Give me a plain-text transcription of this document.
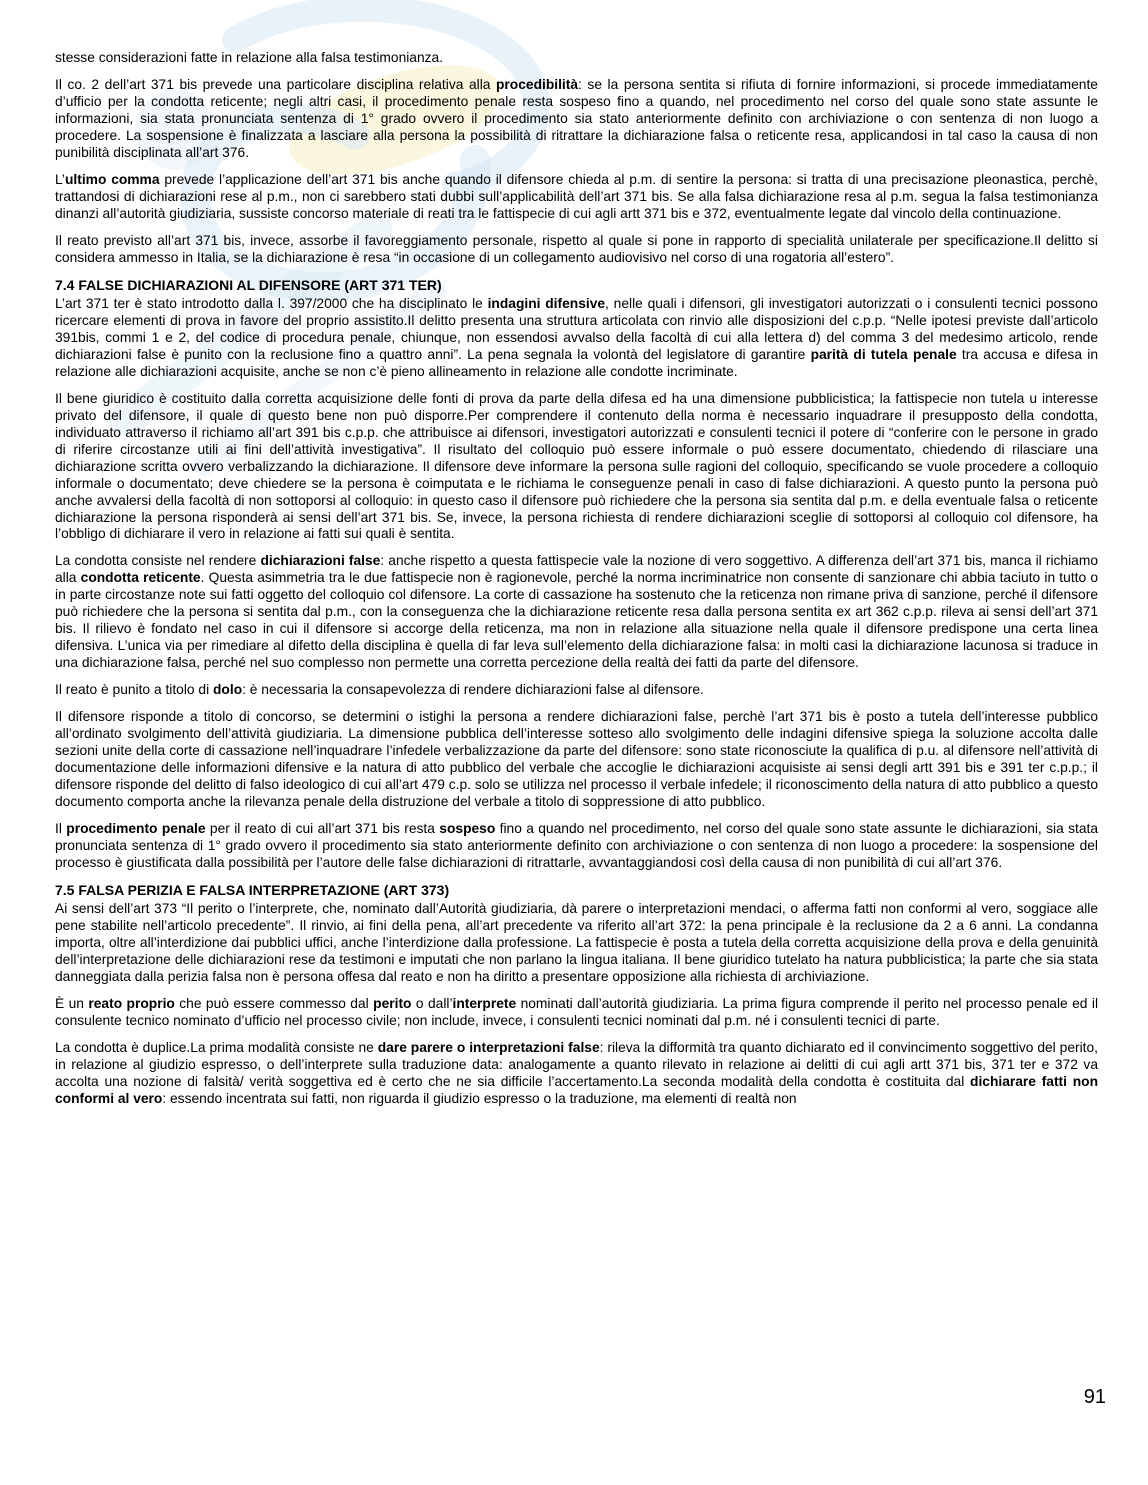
stesse considerazioni fatte in relazione alla falsa testimonianza.

Il co. 2 dell’art 371 bis prevede una particolare disciplina relativa alla procedibilità: se la persona sentita si rifiuta di fornire informazioni, si procede immediatamente d’ufficio per la condotta reticente; negli altri casi, il procedimento penale resta sospeso fino a quando, nel procedimento nel corso del quale sono state assunte le informazioni, sia stata pronunciata sentenza di 1° grado ovvero il procedimento sia stato anteriormente definito con archiviazione o con sentenza di non luogo a procedere. La sospensione è finalizzata a lasciare alla persona la possibilità di ritrattare la dichiarazione falsa o reticente resa, applicandosi in tal caso la causa di non punibilità disciplinata all’art 376.

L’ultimo comma prevede l’applicazione dell’art 371 bis anche quando il difensore chieda al p.m. di sentire la persona: si tratta di una precisazione pleonastica, perchè, trattandosi di dichiarazioni rese al p.m., non ci sarebbero stati dubbi sull’applicabilità dell’art 371 bis. Se alla falsa dichiarazione resa al p.m. segua la falsa testimonianza dinanzi all’autorità giudiziaria, sussiste concorso materiale di reati tra le fattispecie di cui agli artt 371 bis e 372, eventualmente legate dal vincolo della continuazione.

Il reato previsto all’art 371 bis, invece, assorbe il favoreggiamento personale, rispetto al quale si pone in rapporto di specialità unilaterale per specificazione.Il delitto si considera ammesso in Italia, se la dichiarazione è resa “in occasione di un collegamento audiovisivo nel corso di una rogatoria all’estero”.

7.4 FALSE DICHIARAZIONI AL DIFENSORE (ART 371 TER)

L’art 371 ter è stato introdotto dalla l. 397/2000 che ha disciplinato le indagini difensive, nelle quali i difensori, gli investigatori autorizzati o i consulenti tecnici possono ricercare elementi di prova in favore del proprio assistito.Il delitto presenta una struttura articolata con rinvio alle disposizioni del c.p.p. “Nelle ipotesi previste dall’articolo 391bis, commi 1 e 2, del codice di procedura penale, chiunque, non essendosi avvalso della facoltà di cui alla lettera d) del comma 3 del medesimo articolo, rende dichiarazioni false è punito con la reclusione fino a quattro anni”. La pena segnala la volontà del legislatore di garantire parità di tutela penale tra accusa e difesa in relazione alle dichiarazioni acquisite, anche se non c’è pieno allineamento in relazione alle condotte incriminate.

Il bene giuridico è costituito dalla corretta acquisizione delle fonti di prova da parte della difesa ed ha una dimensione pubblicistica; la fattispecie non tutela u interesse privato del difensore, il quale di questo bene non può disporre.Per comprendere il contenuto della norma è necessario inquadrare il presupposto della condotta, individuato attraverso il richiamo all’art 391 bis c.p.p. che attribuisce ai difensori, investigatori autorizzati e consulenti tecnici il potere di “conferire con le persone in grado di riferire circostanze utili ai fini dell’attività investigativa”. Il risultato del colloquio può essere informale o può essere documentato, chiedendo di rilasciare una dichiarazione scritta ovvero verbalizzando la dichiarazione. Il difensore deve informare la persona sulle ragioni del colloquio, specificando se vuole procedere a colloquio informale o documentato; deve chiedere se la persona è coimputata e le richiama le conseguenze penali in caso di false dichiarazioni. A questo punto la persona può anche avvalersi della facoltà di non sottoporsi al colloquio: in questo caso il difensore può richiedere che la persona sia sentita dal p.m. e della eventuale falsa o reticente dichiarazione la persona risponderà ai sensi dell’art 371 bis. Se, invece, la persona richiesta di rendere dichiarazioni sceglie di sottoporsi al colloquio col difensore, ha l’obbligo di dichiarare il vero in relazione ai fatti sui quali è sentita.

La condotta consiste nel rendere dichiarazioni false: anche rispetto a questa fattispecie vale la nozione di vero soggettivo. A differenza dell’art 371 bis, manca il richiamo alla condotta reticente. Questa asimmetria tra le due fattispecie non è ragionevole, perché la norma incriminatrice non consente di sanzionare chi abbia taciuto in tutto o in parte circostanze note sui fatti oggetto del colloquio col difensore. La corte di cassazione ha sostenuto che la reticenza non rimane priva di sanzione, perché il difensore può richiedere che la persona si sentita dal p.m., con la conseguenza che la dichiarazione reticente resa dalla persona sentita ex art 362 c.p.p. rileva ai sensi dell’art 371 bis. Il rilievo è fondato nel caso in cui il difensore si accorge della reticenza, ma non in relazione alla situazione nella quale il difensore predispone una certa linea difensiva. L’unica via per rimediare al difetto della disciplina è quella di far leva sull’elemento della dichiarazione falsa: in molti casi la dichiarazione lacunosa si traduce in una dichiarazione falsa, perché nel suo complesso non permette una corretta percezione della realtà dei fatti da parte del difensore.

Il reato è punito a titolo di dolo: è necessaria la consapevolezza di rendere dichiarazioni false al difensore.

Il difensore risponde a titolo di concorso, se determini o istighi la persona a rendere dichiarazioni false, perchè l’art 371 bis è posto a tutela dell’interesse pubblico all’ordinato svolgimento dell’attività giudiziaria. La dimensione pubblica dell’interesse sotteso allo svolgimento delle indagini difensive spiega la soluzione accolta dalle sezioni unite della corte di cassazione nell’inquadrare l’infedele verbalizzazione da parte del difensore: sono state riconosciute la qualifica di p.u. al difensore nell’attività di documentazione delle informazioni difensive e la natura di atto pubblico del verbale che accoglie le dichiarazioni acquisiste ai sensi degli artt 391 bis e 391 ter c.p.p.; il difensore risponde del delitto di falso ideologico di cui all’art 479 c.p. solo se utilizza nel processo il verbale infedele; il riconoscimento della natura di atto pubblico a questo documento comporta anche la rilevanza penale della distruzione del verbale a titolo di soppressione di atto pubblico.

Il procedimento penale per il reato di cui all’art 371 bis resta sospeso fino a quando nel procedimento, nel corso del quale sono state assunte le dichiarazioni, sia stata pronunciata sentenza di 1° grado ovvero il procedimento sia stato anteriormente definito con archiviazione o con sentenza di non luogo a procedere: la sospensione del processo è giustificata dalla possibilità per l’autore delle false dichiarazioni di ritrattarle, avvantaggiandosi così della causa di non punibilità di cui all’art 376.

7.5 FALSA PERIZIA E FALSA INTERPRETAZIONE (ART 373)

Ai sensi dell’art 373 “Il perito o l’interprete, che, nominato dall’Autorità giudiziaria, dà parere o interpretazioni mendaci, o afferma fatti non conformi al vero, soggiace alle pene stabilite nell’articolo precedente”. Il rinvio, ai fini della pena, all’art precedente va riferito all’art 372: la pena principale è la reclusione da 2 a 6 anni. La condanna importa, oltre all’interdizione dai pubblici uffici, anche l’interdizione dalla professione. La fattispecie è posta a tutela della corretta acquisizione della prova e della genuinità dell’interpretazione delle dichiarazioni rese da testimoni e imputati che non parlano la lingua italiana. Il bene giuridico tutelato ha natura pubblicistica; la parte che sia stata danneggiata dalla perizia falsa non è persona offesa dal reato e non ha diritto a presentare opposizione alla richiesta di archiviazione.

È un reato proprio che può essere commesso dal perito o dall’interprete nominati dall’autorità giudiziaria. La prima figura comprende il perito nel processo penale ed il consulente tecnico nominato d’ufficio nel processo civile; non include, invece, i consulenti tecnici nominati dal p.m. né i consulenti tecnici di parte.

La condotta è duplice.La prima modalità consiste ne dare parere o interpretazioni false: rileva la difformità tra quanto dichiarato ed il convincimento soggettivo del perito, in relazione al giudizio espresso, o dell’interprete sulla traduzione data: analogamente a quanto rilevato in relazione ai delitti di cui agli artt 371 bis, 371 ter e 372 va accolta una nozione di falsità/ verità soggettiva ed è certo che ne sia difficile l’accertamento.La seconda modalità della condotta è costituita dal dichiarare fatti non conformi al vero: essendo incentrata sui fatti, non riguarda il giudizio espresso o la traduzione, ma elementi di realtà non

91
